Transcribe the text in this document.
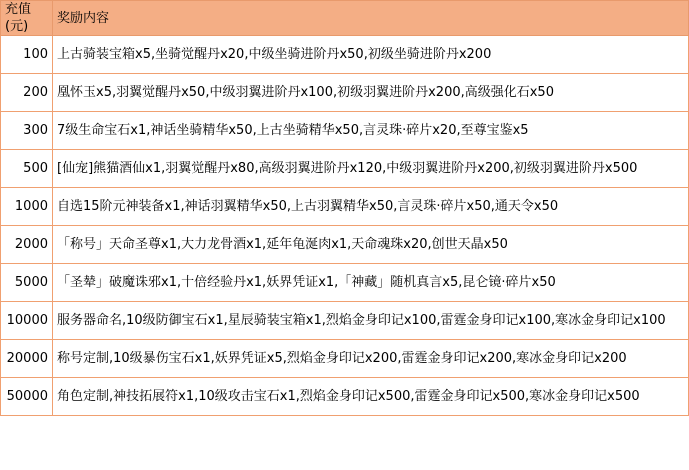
充值(元)	奖励内容
100	上古骑装宝箱x5,坐骑觉醒丹x20,中级坐骑进阶丹x50,初级坐骑进阶丹x200
200	凰怀玉x5,羽翼觉醒丹x50,中级羽翼进阶丹x100,初级羽翼进阶丹x200,高级强化石x50
300	7级生命宝石x1,神话坐骑精华x50,上古坐骑精华x50,言灵珠·碎片x20,至尊宝鉴x5
500	[仙宠]熊猫酒仙x1,羽翼觉醒丹x80,高级羽翼进阶丹x120,中级羽翼进阶丹x200,初级羽翼进阶丹x500
1000	自选15阶元神装备x1,神话羽翼精华x50,上古羽翼精华x50,言灵珠·碎片x50,通天令x50
2000	「称号」天命圣尊x1,大力龙骨酒x1,延年龟涎肉x1,天命魂珠x20,创世天晶x50
5000	「圣辇」破魔诛邪x1,十倍经验丹x1,妖界凭证x1,「神藏」随机真言x5,昆仑镜·碎片x50
10000	服务器命名,10级防御宝石x1,星辰骑装宝箱x1,烈焰金身印记x100,雷霆金身印记x100,寒冰金身印记x100
20000	称号定制,10级暴伤宝石x1,妖界凭证x5,烈焰金身印记x200,雷霆金身印记x200,寒冰金身印记x200
50000	角色定制,神技拓展符x1,10级攻击宝石x1,烈焰金身印记x500,雷霆金身印记x500,寒冰金身印记x500
